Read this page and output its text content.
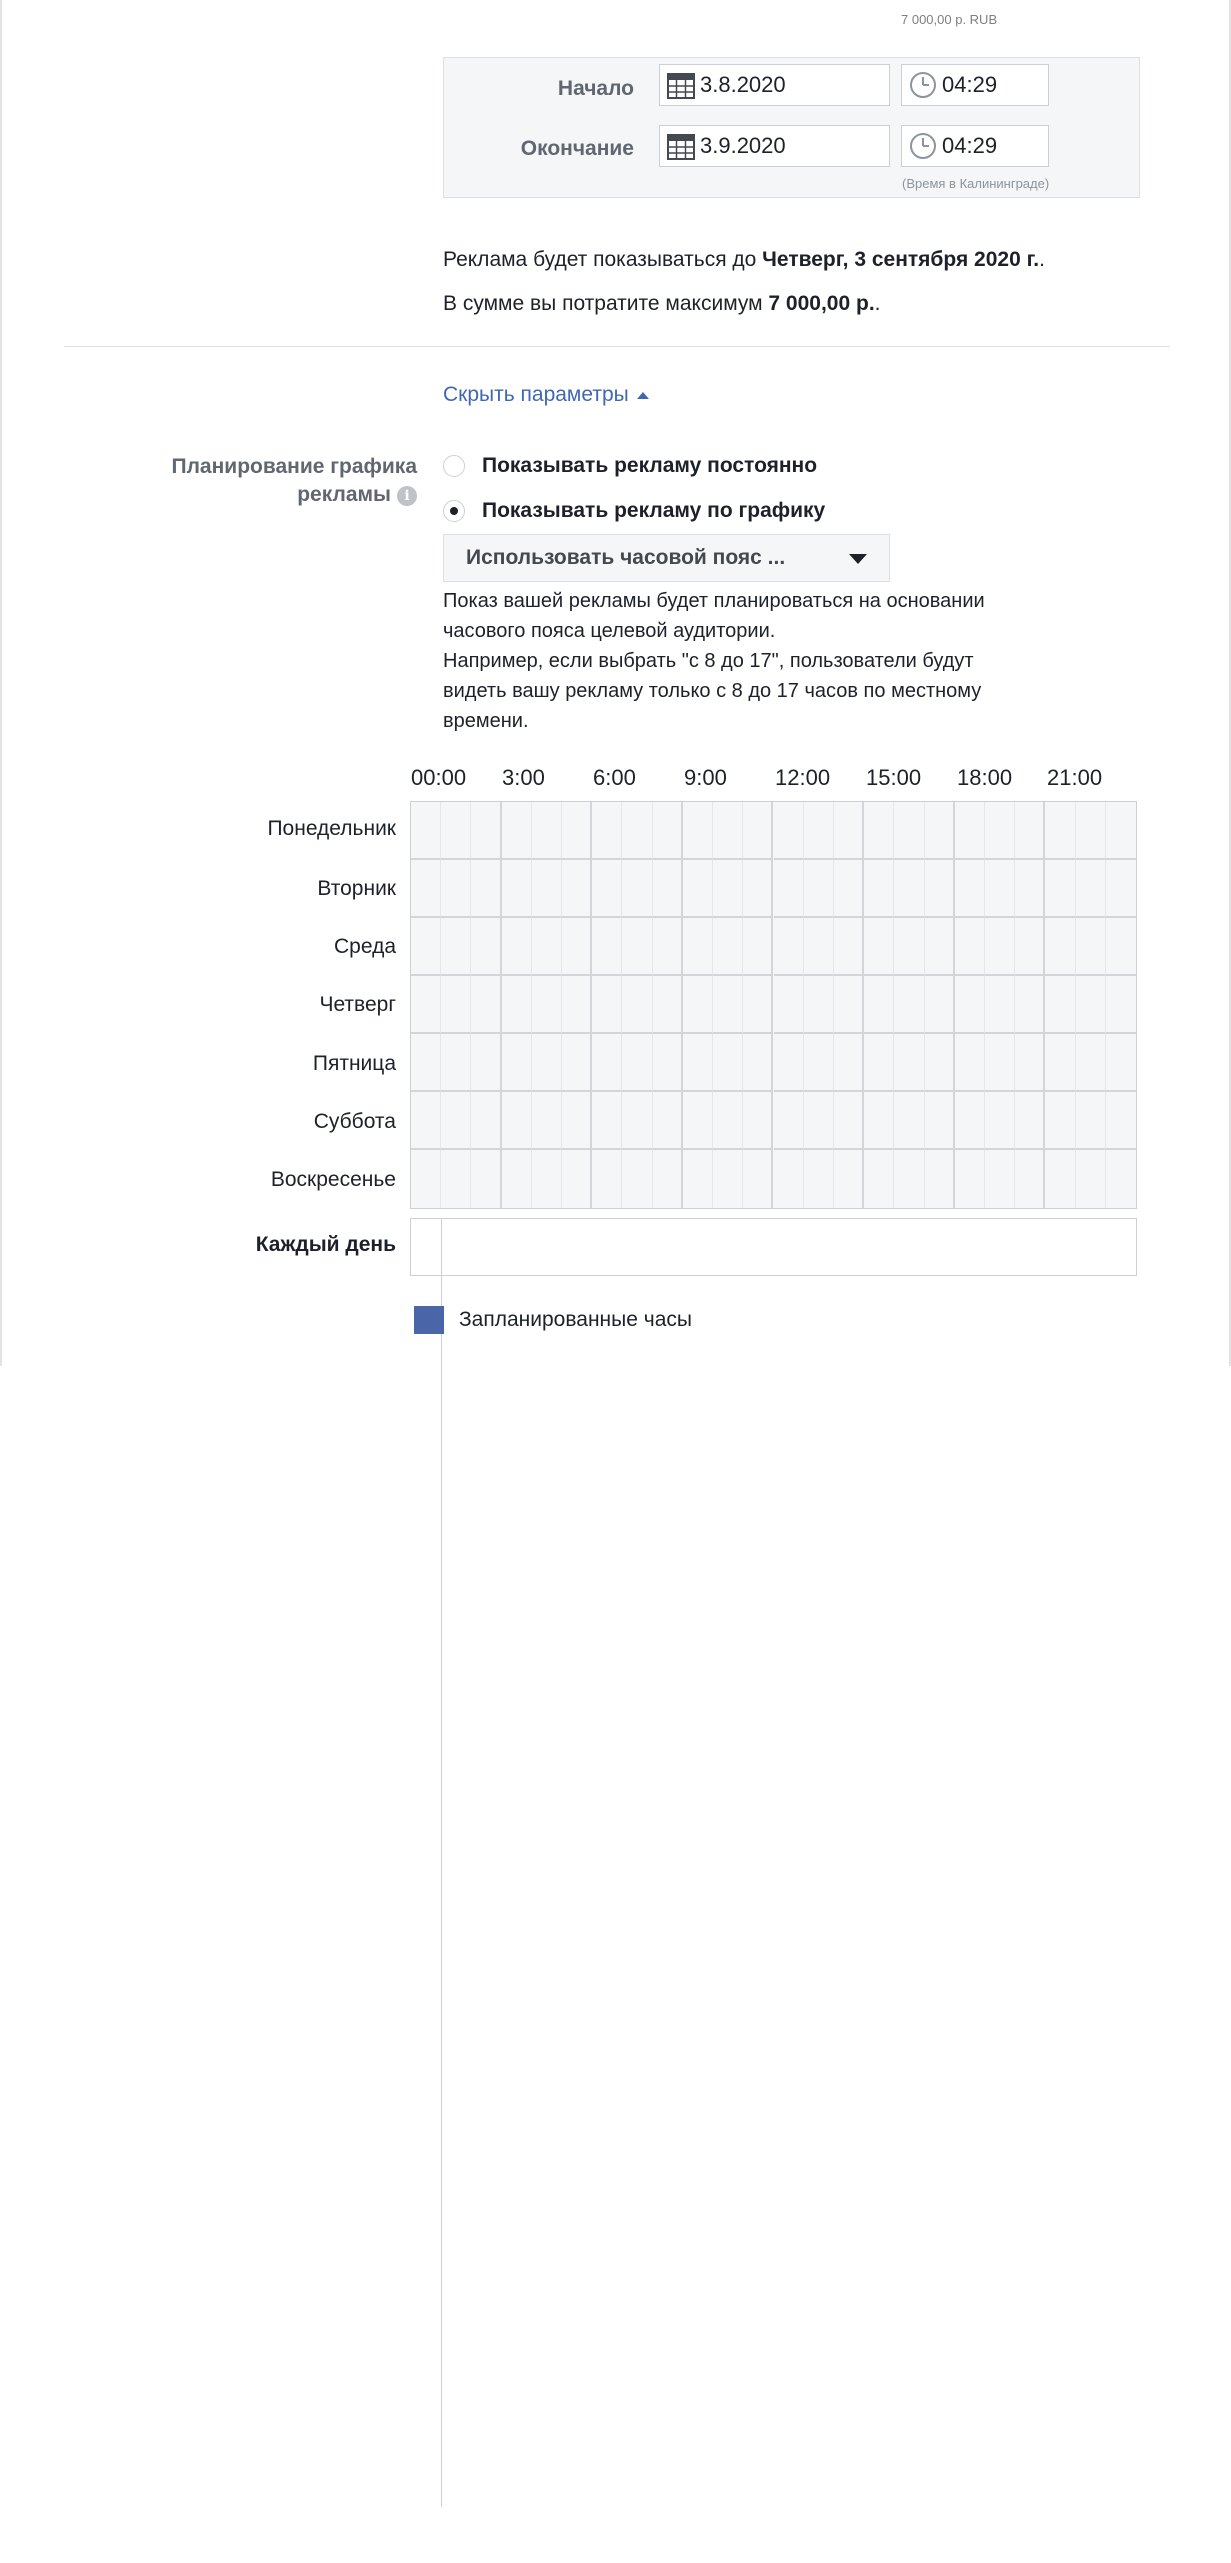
7 000,00 р. RUB
Начало	3.8.2020	04:29
Окончание	3.9.2020	04:29
(Время в Калининграде)
Реклама будет показываться до Четверг, 3 сентября 2020 г..
В сумме вы потратите максимум 7 000,00 р..
Скрыть параметры
Планирование графика рекламы i
Показывать рекламу постоянно
Показывать рекламу по графику
Использовать часовой пояс ...

Показ вашей рекламы будет планироваться на основании

часового пояса целевой аудитории.

Например, если выбрать "с 8 до 17", пользователи будут

видеть вашу рекламу только с 8 до 17 часов по местному

времени.

00:00 3:00 6:00 9:00 12:00 15:00 18:00 21:00
Понедельник
Вторник
Среда
Четверг
Пятница
Суббота
Воскресенье
Каждый день
Запланированные часы
